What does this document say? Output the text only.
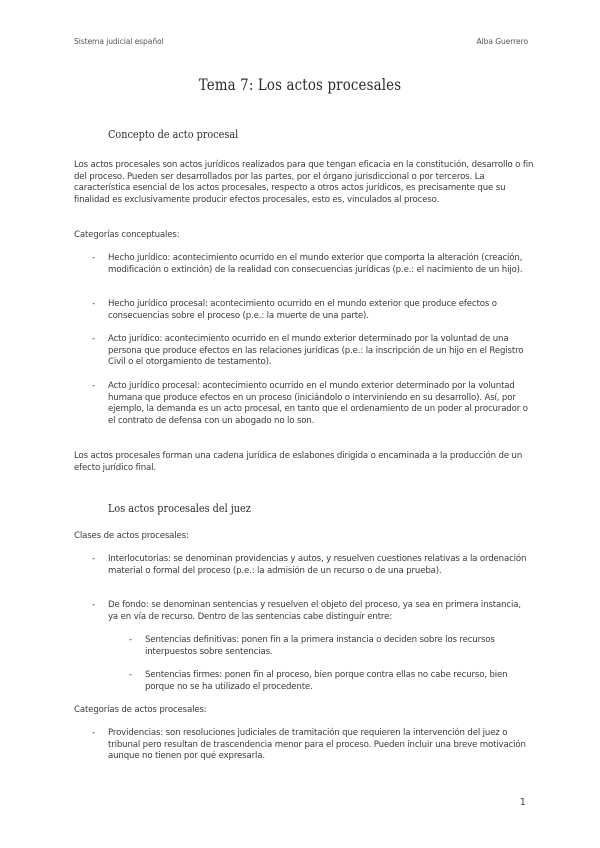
Sistema judicial español	Alba Guerrero
Tema 7: Los actos procesales
Concepto de acto procesal

Los actos procesales son actos jurídicos realizados para que tengan eficacia en la constitución, desarrollo o fin del proceso. Pueden ser desarrollados por las partes, por el órgano jurisdiccional o por terceros. La característica esencial de los actos procesales, respecto a otros actos jurídicos, es precisamente que su finalidad es exclusivamente producir efectos procesales, esto es, vinculados al proceso.

Categorías conceptuales:

- Hecho jurídico: acontecimiento ocurrido en el mundo exterior que comporta la alteración (creación, modificación o extinción) de la realidad con consecuencias jurídicas (p.e.: el nacimiento de un hijo).

- Hecho jurídico procesal: acontecimiento ocurrido en el mundo exterior que produce efectos o consecuencias sobre el proceso (p.e.: la muerte de una parte).

- Acto jurídico: acontecimiento ocurrido en el mundo exterior determinado por la voluntad de una persona que produce efectos en las relaciones jurídicas (p.e.: la inscripción de un hijo en el Registro Civil o el otorgamiento de testamento).

- Acto jurídico procesal: acontecimiento ocurrido en el mundo exterior determinado por la voluntad humana que produce efectos en un proceso (iniciándolo o interviniendo en su desarrollo). Así, por ejemplo, la demanda es un acto procesal, en tanto que el ordenamiento de un poder al procurador o el contrato de defensa con un abogado no lo son.

Los actos procesales forman una cadena jurídica de eslabones dirigida o encaminada a la producción de un efecto jurídico final.

Los actos procesales del juez

Clases de actos procesales:

- Interlocutorias: se denominan providencias y autos, y resuelven cuestiones relativas a la ordenación material o formal del proceso (p.e.: la admisión de un recurso o de una prueba).

- De fondo: se denominan sentencias y resuelven el objeto del proceso, ya sea en primera instancia, ya en vía de recurso. Dentro de las sentencias cabe distinguir entre:

- Sentencias definitivas: ponen fin a la primera instancia o deciden sobre los recursos interpuestos sobre sentencias.

- Sentencias firmes: ponen fin al proceso, bien porque contra ellas no cabe recurso, bien porque no se ha utilizado el procedente.

Categorías de actos procesales:

- Providencias: son resoluciones judiciales de tramitación que requieren la intervención del juez o tribunal pero resultan de trascendencia menor para el proceso. Pueden incluir una breve motivación aunque no tienen por qué expresarla.

1
